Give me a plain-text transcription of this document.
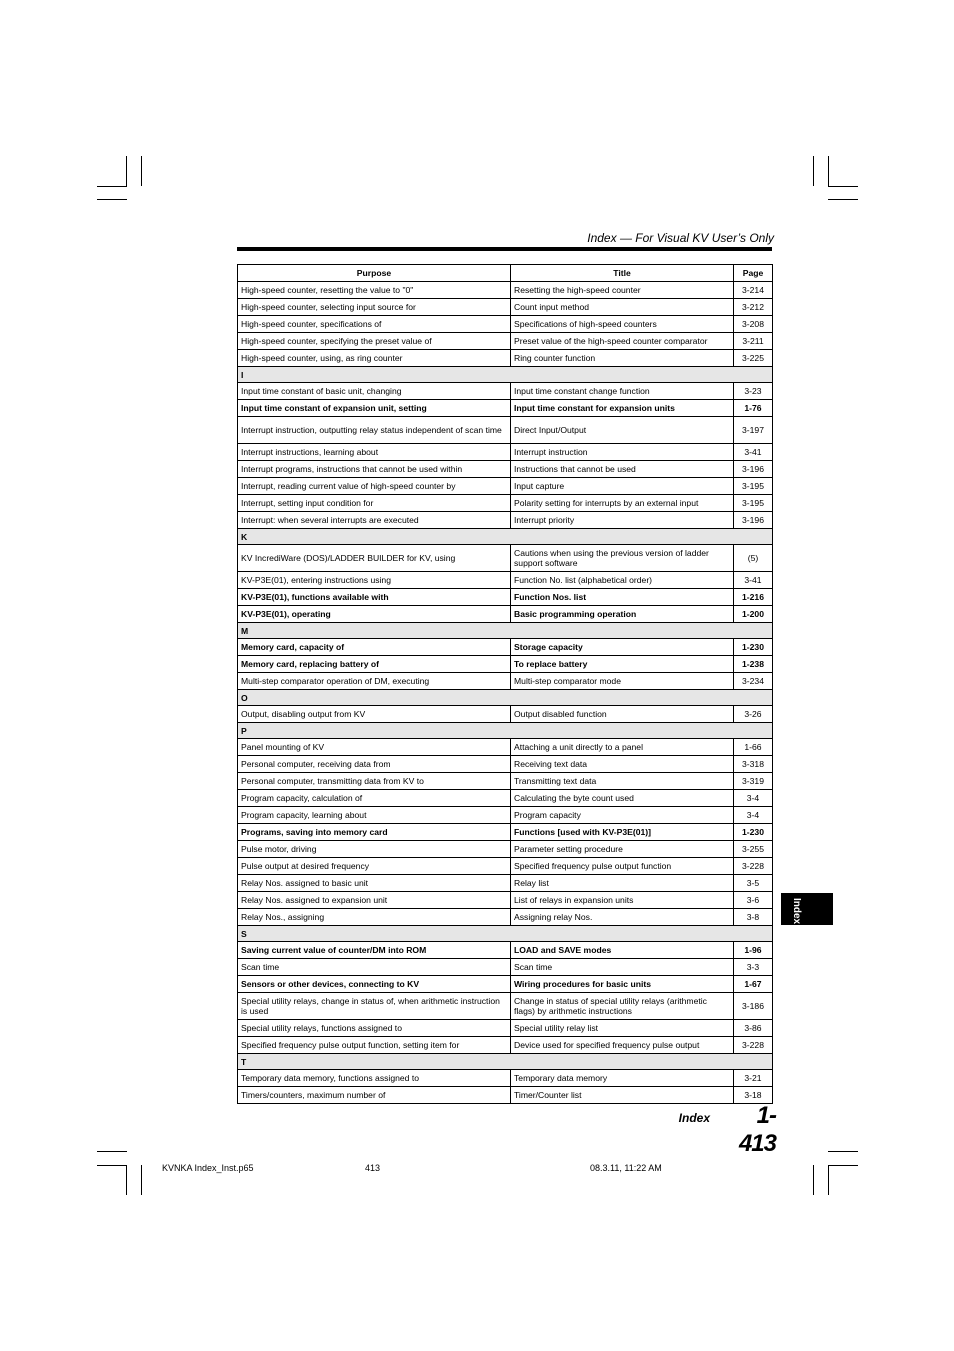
Index — For Visual KV User’s Only
Purpose	Title	Page
High-speed counter, resetting the value to "0"	Resetting the high-speed counter	3-214
High-speed counter, selecting input source for	Count input method	3-212
High-speed counter, specifications of	Specifications of high-speed counters	3-208
High-speed counter, specifying the preset value of	Preset value of the high-speed counter comparator	3-211
High-speed counter, using, as ring counter	Ring counter function	3-225
I		
Input time constant of basic unit, changing	Input time constant change function	3-23
Input time constant of expansion unit, setting	Input time constant for expansion units	1-76
Interrupt instruction, outputting relay status independent of scan time	Direct Input/Output	3-197
Interrupt instructions, learning about	Interrupt instruction	3-41
Interrupt programs, instructions that cannot be used within	Instructions that cannot be used	3-196
Interrupt, reading current value of high-speed counter by	Input capture	3-195
Interrupt, setting input condition for	Polarity setting for interrupts by an external input	3-195
Interrupt: when several interrupts are executed	Interrupt priority	3-196
K		
KV IncrediWare (DOS)/LADDER BUILDER for KV, using	Cautions when using the previous version of ladder support software	(5)
KV-P3E(01), entering instructions using	Function No. list (alphabetical order)	3-41
KV-P3E(01), functions available with	Function Nos. list	1-216
KV-P3E(01), operating	Basic programming operation	1-200
M		
Memory card, capacity of	Storage capacity	1-230
Memory card, replacing battery of	To replace battery	1-238
Multi-step comparator operation of DM, executing	Multi-step comparator mode	3-234
O		
Output, disabling output from KV	Output disabled function	3-26
P		
Panel mounting of KV	Attaching a unit directly to a panel	1-66
Personal computer, receiving data from	Receiving text data	3-318
Personal computer, transmitting data from KV to	Transmitting text data	3-319
Program capacity, calculation of	Calculating the byte count used	3-4
Program capacity, learning about	Program capacity	3-4
Programs, saving into memory card	Functions [used with KV-P3E(01)]	1-230
Pulse motor, driving	Parameter setting procedure	3-255
Pulse output at desired frequency	Specified frequency pulse output function	3-228
Relay Nos. assigned to basic unit	Relay list	3-5
Relay Nos. assigned to expansion unit	List of relays in expansion units	3-6
Relay Nos., assigning	Assigning relay Nos.	3-8
S		
Saving current value of counter/DM into ROM	LOAD and SAVE modes	1-96
Scan time	Scan time	3-3
Sensors or other devices, connecting to KV	Wiring procedures for basic units	1-67
Special utility relays, change in status of, when arithmetic instruction is used	Change in status of special utility relays (arithmetic flags) by arithmetic instructions	3-186
Special utility relays, functions assigned to	Special utility relay list	3-86
Specified frequency pulse output function, setting item for	Device used for specified frequency pulse output	3-228
T		
Temporary data memory, functions assigned to	Temporary data memory	3-21
Timers/counters, maximum number of	Timer/Counter list	3-18
Index
Index	1-413
KVNKA Index_Inst.p65	413	08.3.11, 11:22 AM
